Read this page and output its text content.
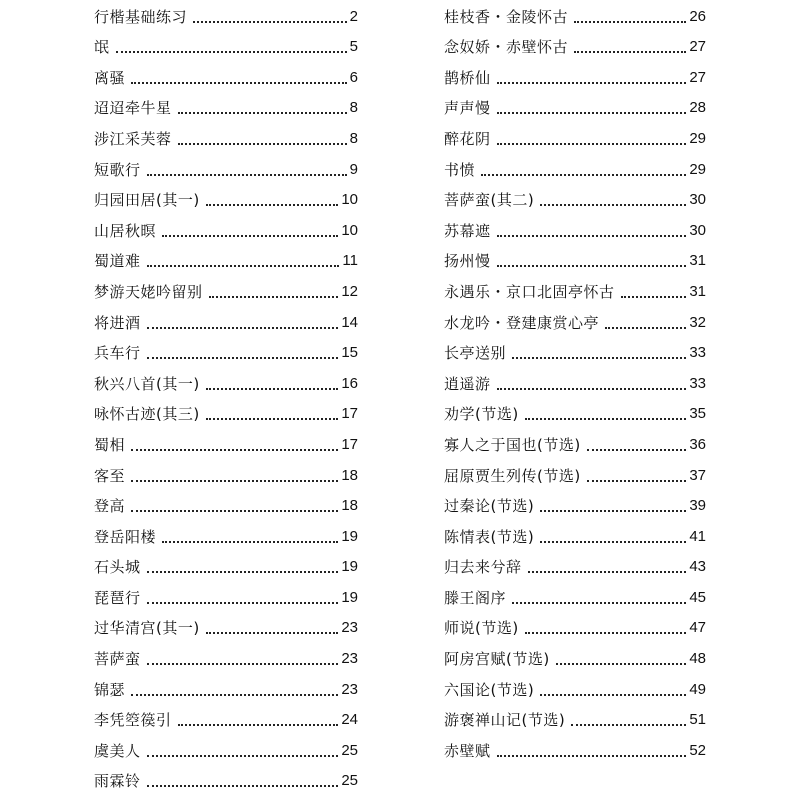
行楷基础练习	2
氓	5
离骚	6
迢迢牵牛星	8
涉江采芙蓉	8
短歌行	9
归园田居(其一)	10
山居秋暝	10
蜀道难	11
梦游天姥吟留别	12
将进酒	14
兵车行	15
秋兴八首(其一)	16
咏怀古迹(其三)	17
蜀相	17
客至	18
登高	18
登岳阳楼	19
石头城	19
琵琶行	19
过华清宫(其一)	23
菩萨蛮	23
锦瑟	23
李凭箜篌引	24
虞美人	25
雨霖铃	25
桂枝香・金陵怀古	26
念奴娇・赤壁怀古	27
鹊桥仙	27
声声慢	28
醉花阴	29
书愤	29
菩萨蛮(其二)	30
苏幕遮	30
扬州慢	31
永遇乐・京口北固亭怀古	31
水龙吟・登建康赏心亭	32
长亭送别	33
逍遥游	33
劝学(节选)	35
寡人之于国也(节选)	36
屈原贾生列传(节选)	37
过秦论(节选)	39
陈情表(节选)	41
归去来兮辞	43
滕王阁序	45
师说(节选)	47
阿房宫赋(节选)	48
六国论(节选)	49
游褒禅山记(节选)	51
赤壁赋	52
